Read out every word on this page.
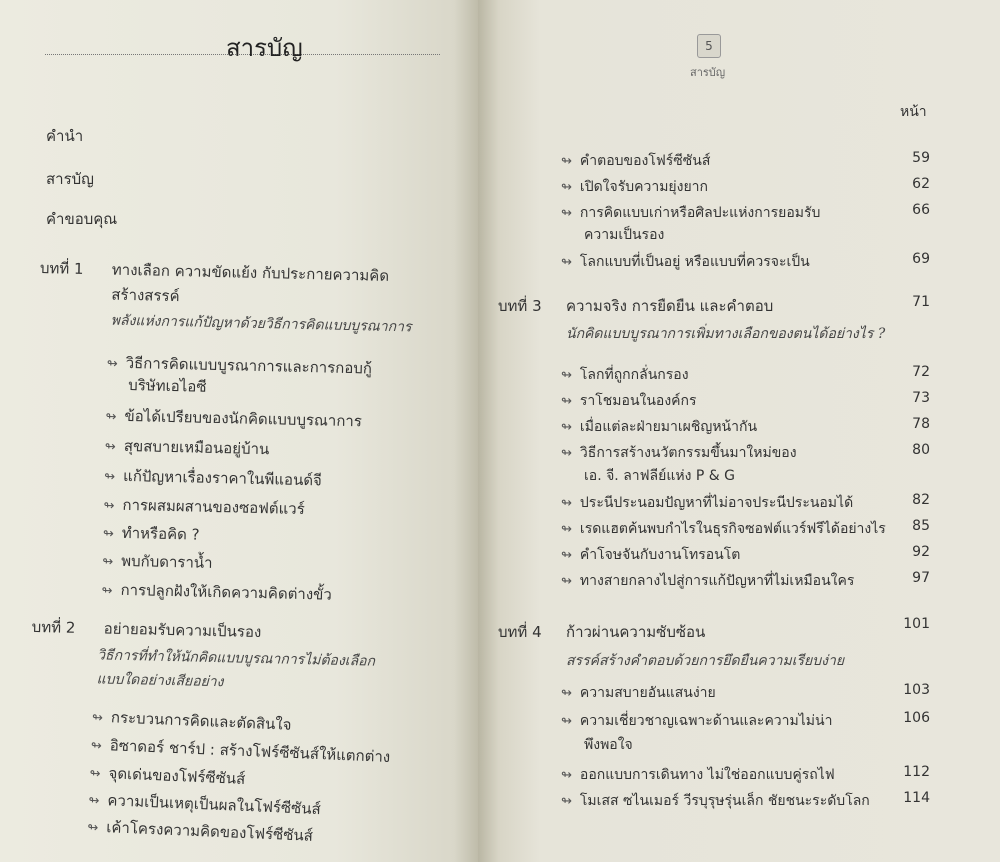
สารบัญ
คำนำ
สารบัญ
คำขอบคุณ
บทที่ 1 ทางเลือก ความขัดแย้ง กับประกายความคิด
สร้างสรรค์
พลังแห่งการแก้ปัญหาด้วยวิธีการคิดแบบบูรณาการ
↬ วิธีการคิดแบบบูรณาการและการกอบกู้
บริษัทเอไอซี
↬ ข้อได้เปรียบของนักคิดแบบบูรณาการ
↬ สุขสบายเหมือนอยู่บ้าน
↬ แก้ปัญหาเรื่องราคาในพีแอนด์จี
↬ การผสมผสานของซอฟต์แวร์
↬ ทำหรือคิด ?
↬ พบกับดาราน้ำ
↬ การปลูกฝังให้เกิดความคิดต่างขั้ว
บทที่ 2 อย่ายอมรับความเป็นรอง
วิธีการที่ทำให้นักคิดแบบบูรณาการไม่ต้องเลือก
แบบใดอย่างเสียอย่าง
↬ กระบวนการคิดและตัดสินใจ
↬ อิซาดอร์ ชาร์ป : สร้างโฟร์ซีซันส์ให้แตกต่าง
↬ จุดเด่นของโฟร์ซีซันส์
↬ ความเป็นเหตุเป็นผลในโฟร์ซีซันส์
↬ เค้าโครงความคิดของโฟร์ซีซันส์
5
สารบัญ
หน้า
↬ คำตอบของโฟร์ซีซันส์	59
↬ เปิดใจรับความยุ่งยาก	62
↬ การคิดแบบเก่าหรือศิลปะแห่งการยอมรับ	66
ความเป็นรอง
↬ โลกแบบที่เป็นอยู่ หรือแบบที่ควรจะเป็น	69
บทที่ 3 ความจริง การยืดยืน และคำตอบ	71
นักคิดแบบบูรณาการเพิ่มทางเลือกของตนได้อย่างไร ?
↬ โลกที่ถูกกลั่นกรอง	72
↬ ราโชมอนในองค์กร	73
↬ เมื่อแต่ละฝ่ายมาเผชิญหน้ากัน	78
↬ วิธีการสร้างนวัตกรรมขึ้นมาใหม่ของ	80
เอ. จี. ลาฟลีย์แห่ง P & G
↬ ประนีประนอมปัญหาที่ไม่อาจประนีประนอมได้	82
↬ เรดแฮตค้นพบกำไรในธุรกิจซอฟต์แวร์ฟรีได้อย่างไร	85
↬ คำโจษจันกับงานโทรอนโต	92
↬ ทางสายกลางไปสู่การแก้ปัญหาที่ไม่เหมือนใคร	97
บทที่ 4 ก้าวผ่านความซับซ้อน	101
สรรค์สร้างคำตอบด้วยการยึดยืนความเรียบง่าย
↬ ความสบายอันแสนง่าย	103
↬ ความเชี่ยวชาญเฉพาะด้านและความไม่น่า	106
พึงพอใจ
↬ ออกแบบการเดินทาง ไม่ใช่ออกแบบคู่รถไฟ	112
↬ โมเสส ซไนเมอร์ วีรบุรุษรุ่นเล็ก ชัยชนะระดับโลก	114
